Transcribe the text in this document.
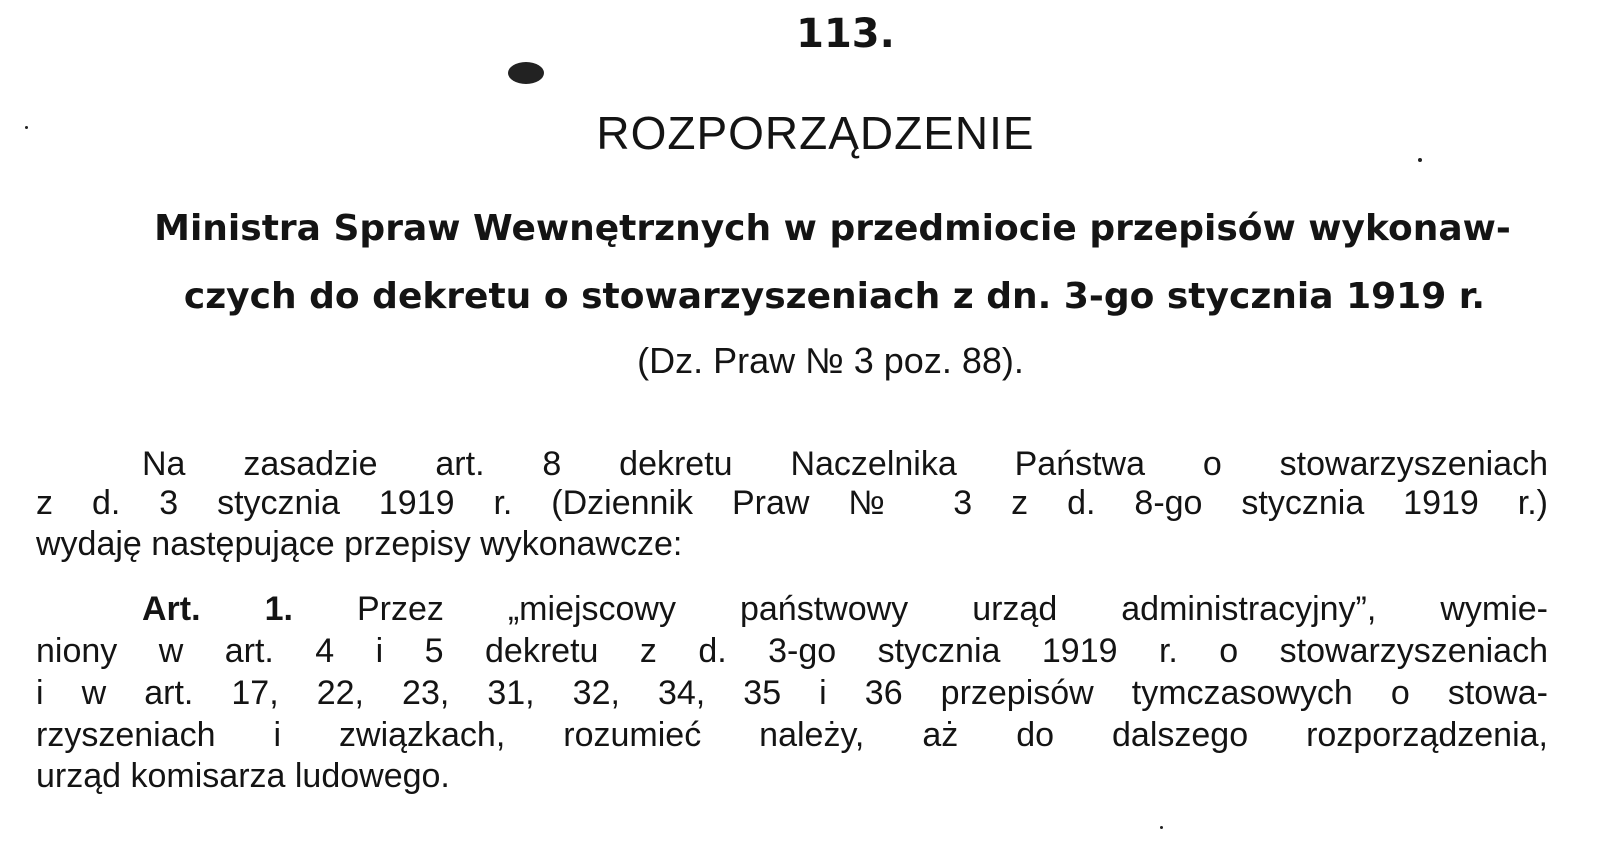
113.

ROZPORZĄDZENIE

Ministra Spraw Wewnętrznych w przedmiocie przepisów wykonaw-

czych do dekretu o stowarzyszeniach z dn. 3-go stycznia 1919 r.

(Dz. Praw № 3 poz. 88).

Na zasadzie art. 8 dekretu Naczelnika Państwa o stowarzyszeniach

z d. 3 stycznia 1919 r. (Dziennik Praw № 3 z d. 8-go stycznia 1919 r.)

wydaję następujące przepisy wykonawcze:

Art. 1. Przez „miejscowy państwowy urząd administracyjny”, wymie-

niony w art. 4 i 5 dekretu z d. 3-go stycznia 1919 r. o stowarzyszeniach

i w art. 17, 22, 23, 31, 32, 34, 35 i 36 przepisów tymczasowych o stowa-

rzyszeniach i związkach, rozumieć należy, aż do dalszego rozporządzenia,

urząd komisarza ludowego.
